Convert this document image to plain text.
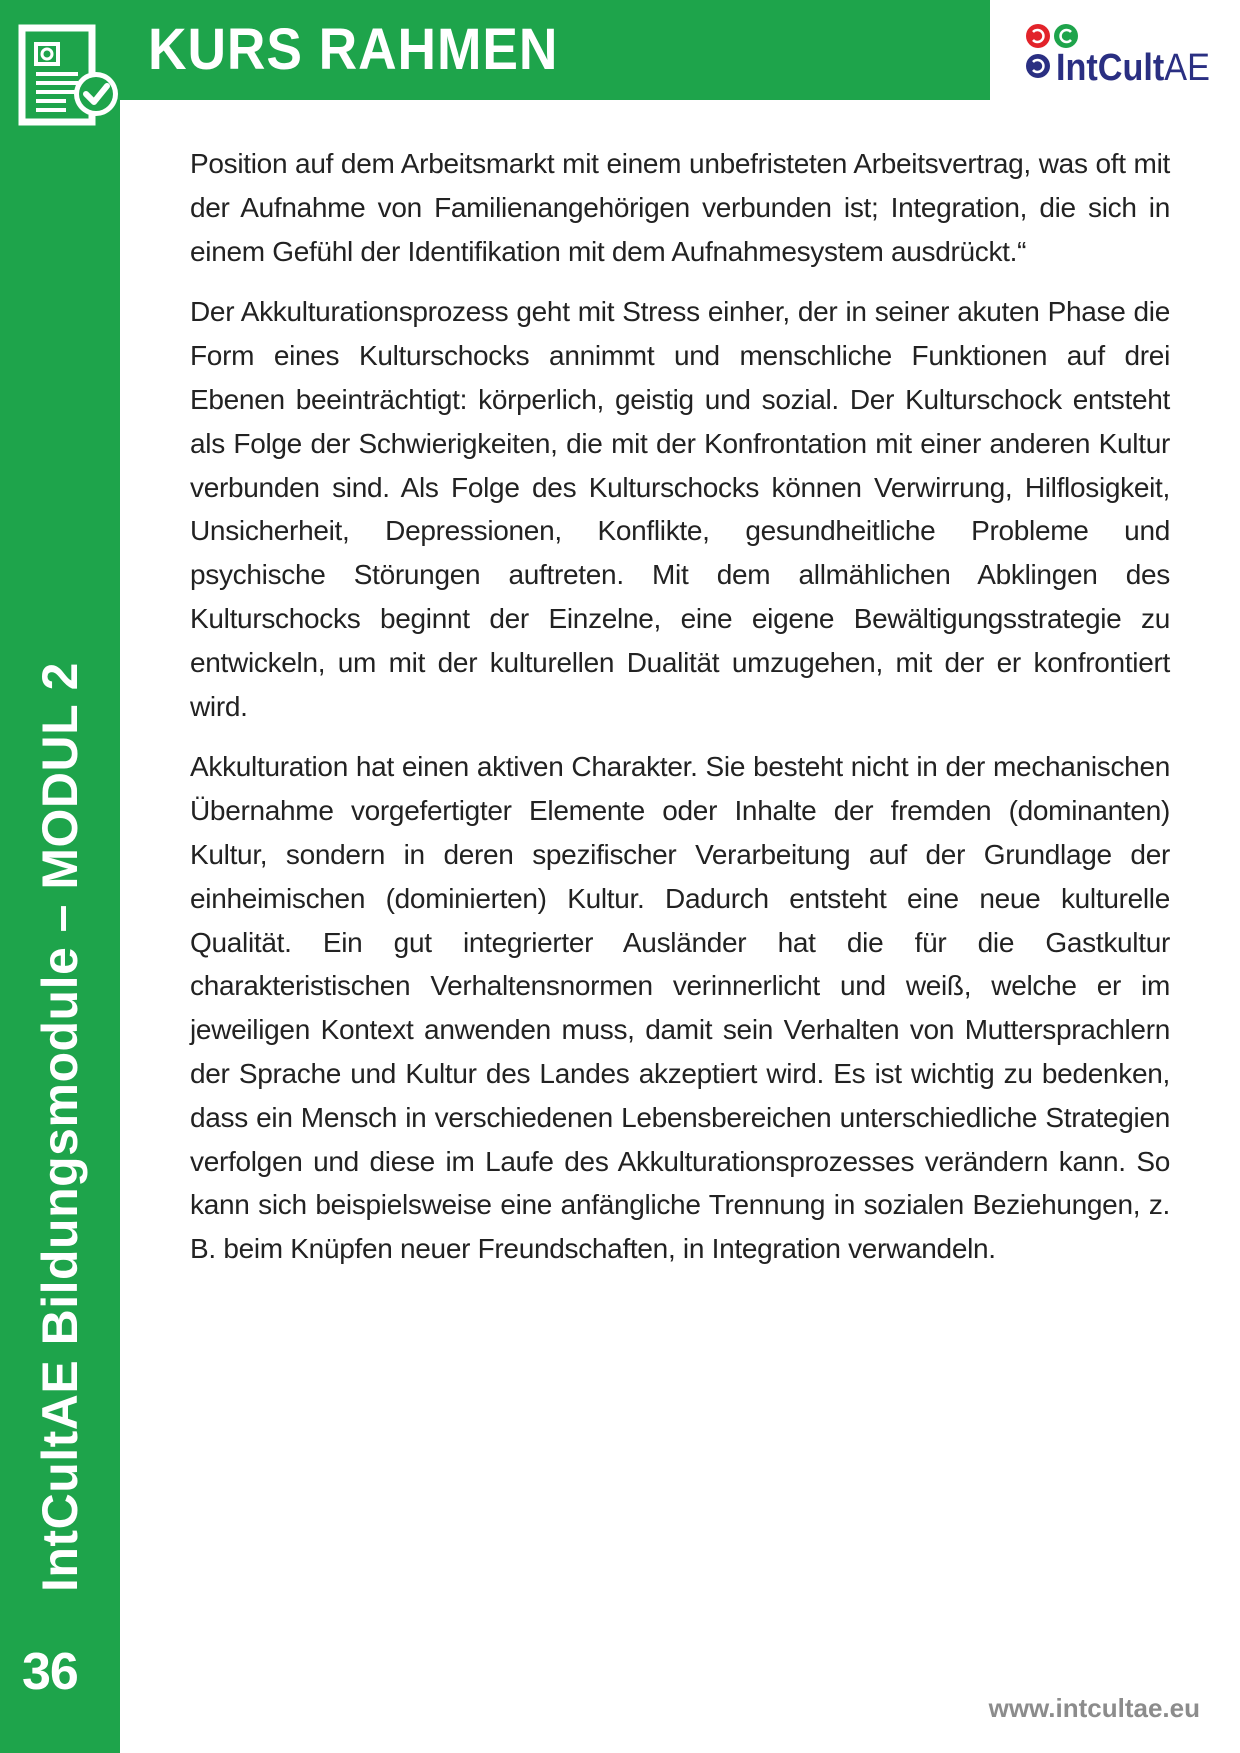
KURS RAHMEN	IntCultAE

Position auf dem Arbeitsmarkt mit einem unbefristeten Arbeitsvertrag, was oft mit der Aufnahme von Familienangehörigen verbunden ist; Integration, die sich in einem Gefühl der Identifikation mit dem Aufnahmesystem ausdrückt.“

Der Akkulturationsprozess geht mit Stress einher, der in seiner akuten Phase die Form eines Kulturschocks annimmt und menschliche Funktionen auf drei Ebenen beeinträchtigt: körperlich, geistig und sozial. Der Kulturschock entsteht als Folge der Schwierigkeiten, die mit der Konfrontation mit einer anderen Kultur verbunden sind. Als Folge des Kulturschocks können Verwirrung, Hilflosigkeit, Unsicherheit, Depressionen, Konflikte, gesundheitliche Probleme und psychische Störungen auftreten. Mit dem allmählichen Abklingen des Kulturschocks beginnt der Einzelne, eine eigene Bewältigungsstrategie zu entwickeln, um mit der kulturellen Dualität umzugehen, mit der er konfrontiert wird.

Akkulturation hat einen aktiven Charakter. Sie besteht nicht in der mechanischen Übernahme vorgefertigter Elemente oder Inhalte der fremden (dominanten) Kultur, sondern in deren spezifischer Verarbeitung auf der Grundlage der einheimischen (dominierten) Kultur. Dadurch entsteht eine neue kulturelle Qualität. Ein gut integrierter Ausländer hat die für die Gastkultur charakteristischen Verhaltensnormen verinnerlicht und weiß, welche er im jeweiligen Kontext anwenden muss, damit sein Verhalten von Muttersprachlern der Sprache und Kultur des Landes akzeptiert wird. Es ist wichtig zu bedenken, dass ein Mensch in verschiedenen Lebensbereichen unterschiedliche Strategien verfolgen und diese im Laufe des Akkulturationsprozesses verändern kann. So kann sich beispielsweise eine anfängliche Trennung in sozialen Beziehungen, z. B. beim Knüpfen neuer Freundschaften, in Integration verwandeln.

IntCultAE Bildungsmodule – MODUL 2
36
www.intcultae.eu
